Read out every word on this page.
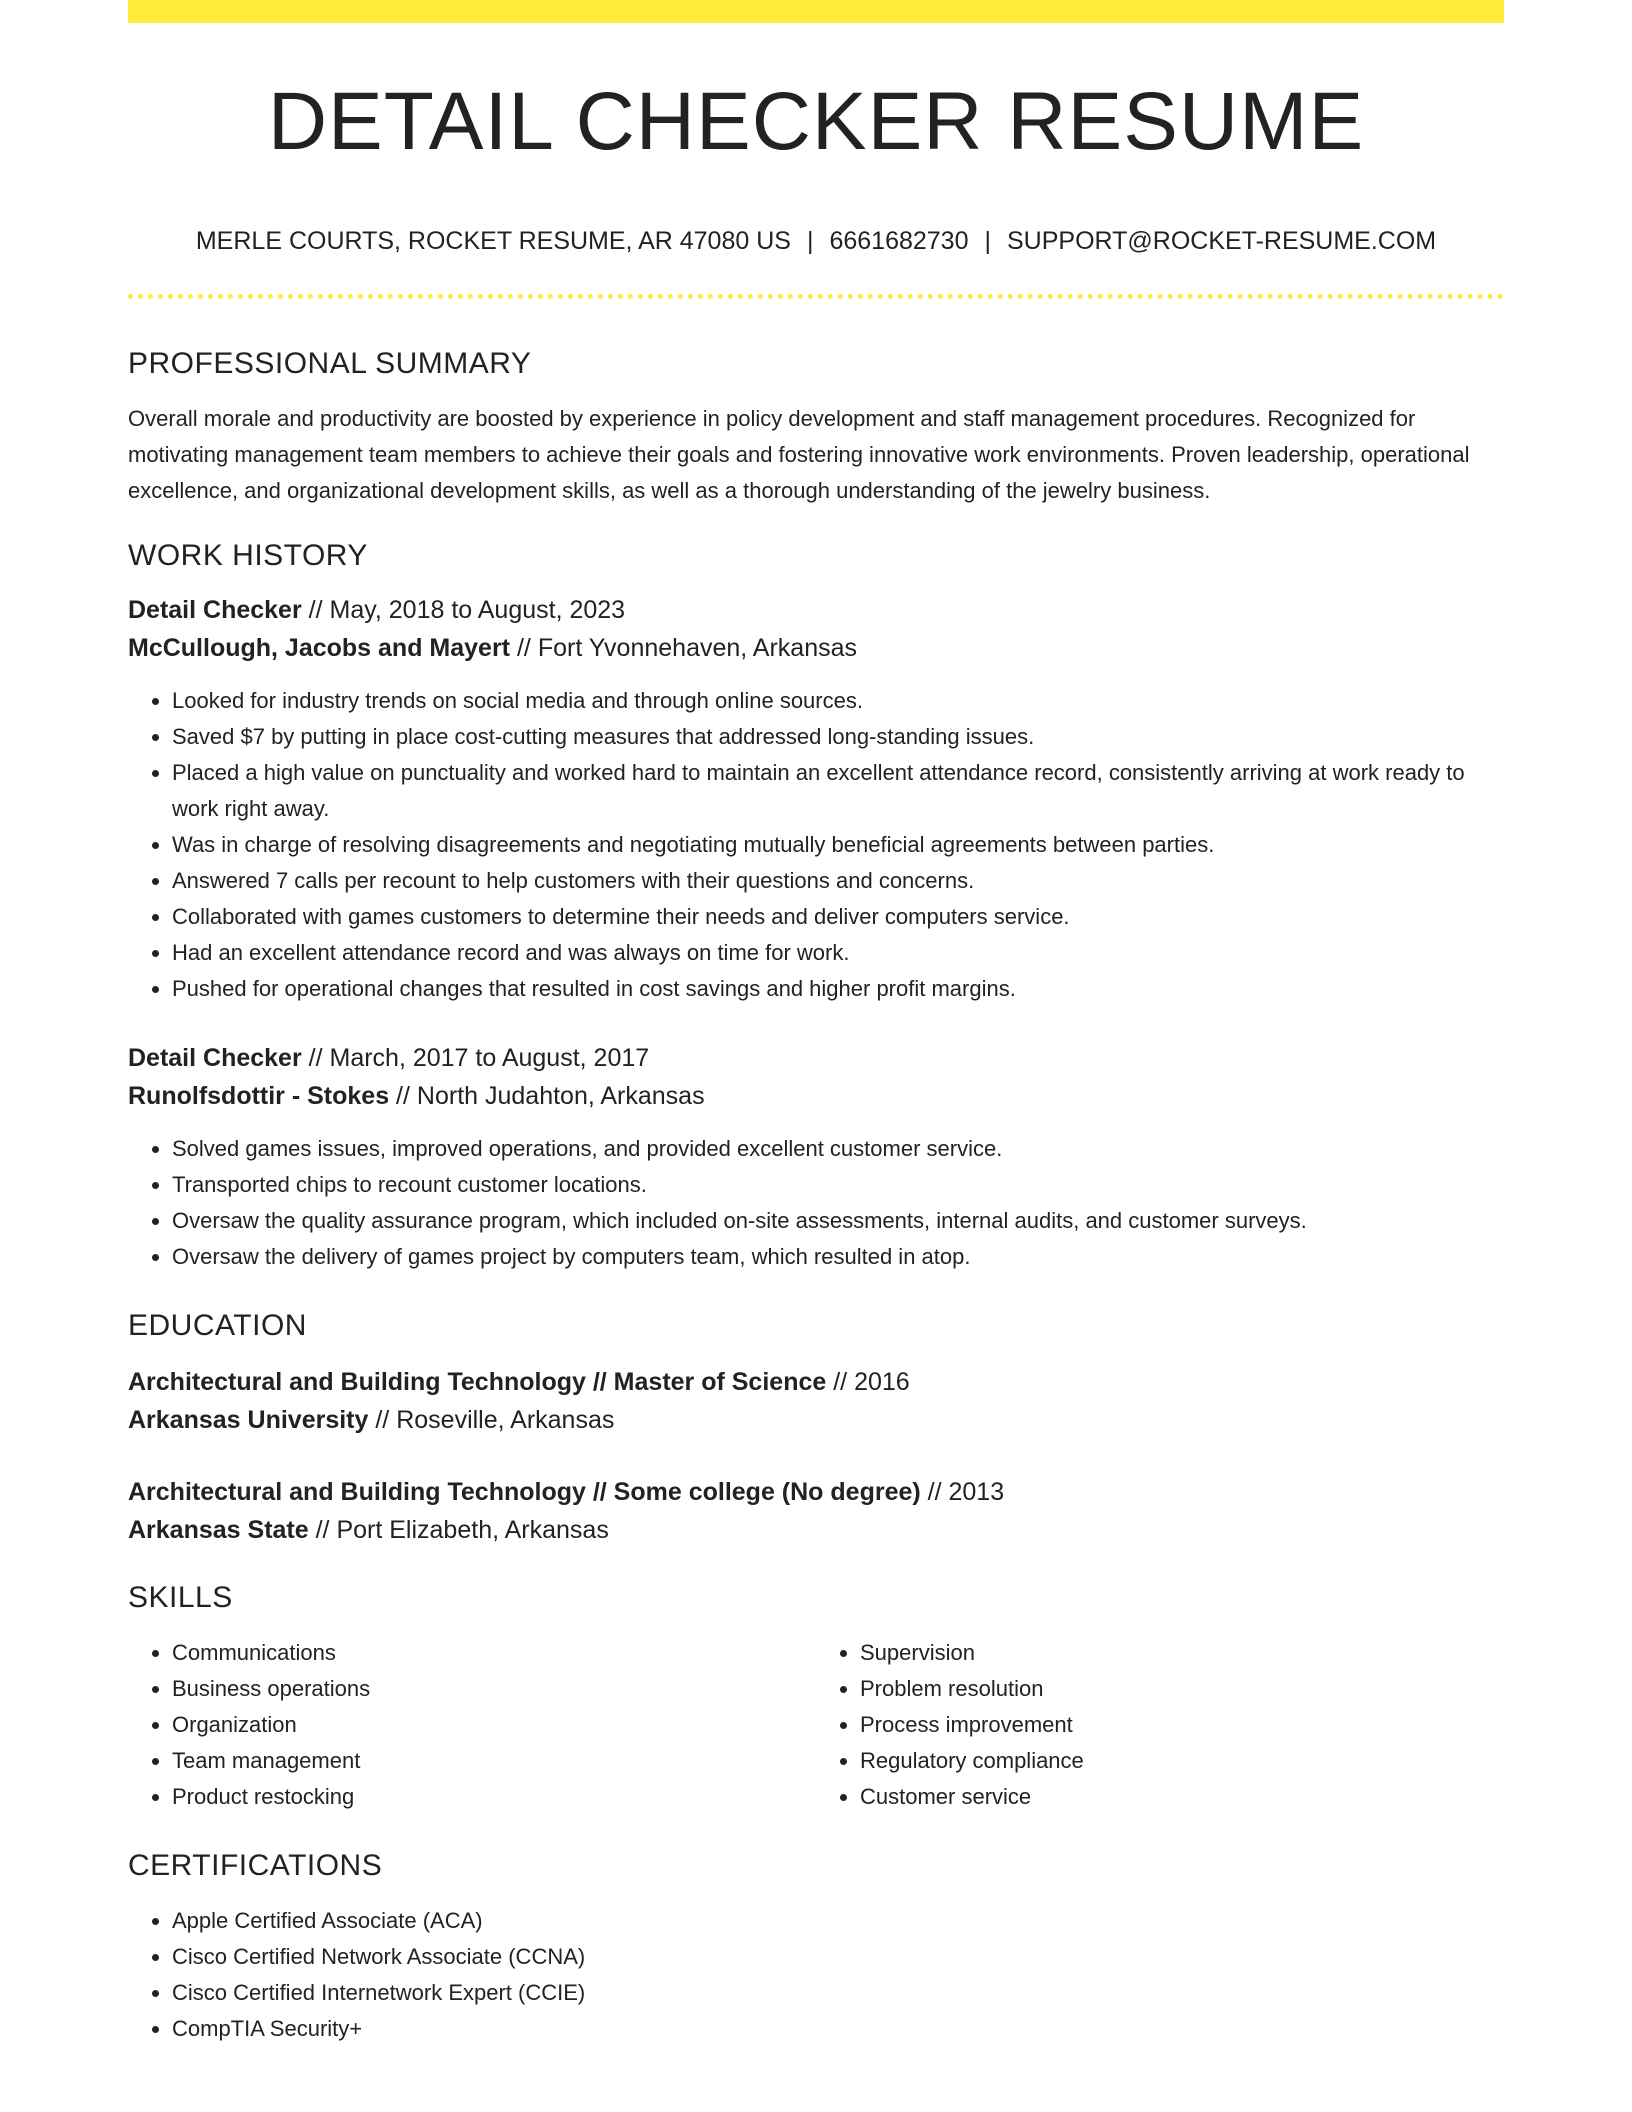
DETAIL CHECKER RESUME
MERLE COURTS, ROCKET RESUME, AR 47080 US | 6661682730 | SUPPORT@ROCKET-RESUME.COM
PROFESSIONAL SUMMARY

Overall morale and productivity are boosted by experience in policy development and staff management procedures. Recognized for motivating management team members to achieve their goals and fostering innovative work environments. Proven leadership, operational excellence, and organizational development skills, as well as a thorough understanding of the jewelry business.

WORK HISTORY

Detail Checker // May, 2018 to August, 2023

McCullough, Jacobs and Mayert // Fort Yvonnehaven, Arkansas

• Looked for industry trends on social media and through online sources.
• Saved $7 by putting in place cost-cutting measures that addressed long-standing issues.
• Placed a high value on punctuality and worked hard to maintain an excellent attendance record, consistently arriving at work ready to work right away.
• Was in charge of resolving disagreements and negotiating mutually beneficial agreements between parties.
• Answered 7 calls per recount to help customers with their questions and concerns.
• Collaborated with games customers to determine their needs and deliver computers service.
• Had an excellent attendance record and was always on time for work.
• Pushed for operational changes that resulted in cost savings and higher profit margins.

Detail Checker // March, 2017 to August, 2017

Runolfsdottir - Stokes // North Judahton, Arkansas

• Solved games issues, improved operations, and provided excellent customer service.
• Transported chips to recount customer locations.
• Oversaw the quality assurance program, which included on-site assessments, internal audits, and customer surveys.
• Oversaw the delivery of games project by computers team, which resulted in atop.
EDUCATION

Architectural and Building Technology // Master of Science // 2016

Arkansas University // Roseville, Arkansas

Architectural and Building Technology // Some college (No degree) // 2013

Arkansas State // Port Elizabeth, Arkansas

SKILLS
• Communications
• Business operations
• Organization
• Team management
• Product restocking
• Supervision
• Problem resolution
• Process improvement
• Regulatory compliance
• Customer service
CERTIFICATIONS
• Apple Certified Associate (ACA)
• Cisco Certified Network Associate (CCNA)
• Cisco Certified Internetwork Expert (CCIE)
• CompTIA Security+
